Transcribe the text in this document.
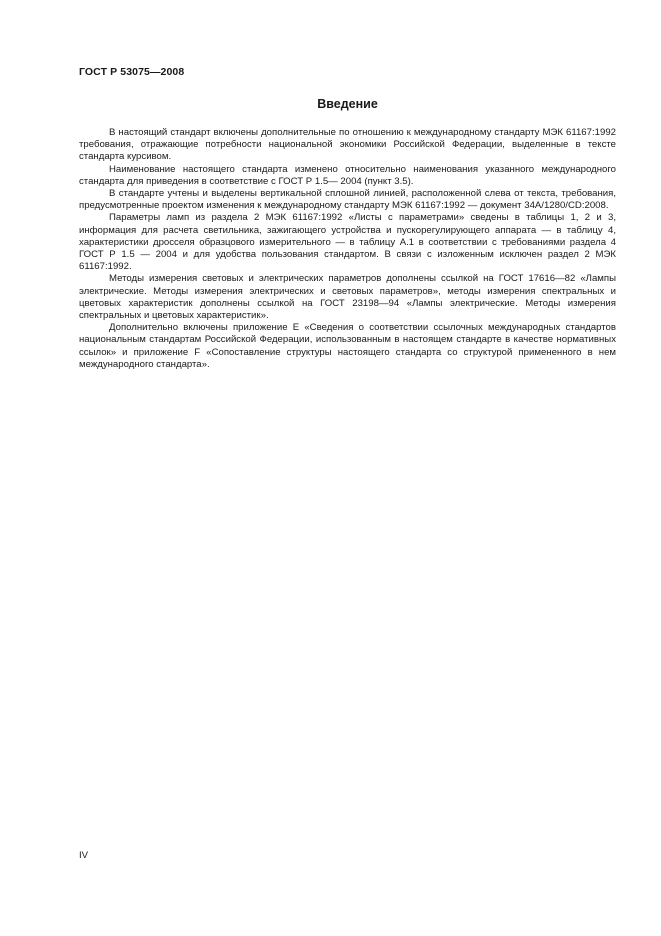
ГОСТ Р 53075—2008
Введение

В настоящий стандарт включены дополнительные по отношению к международному стандарту МЭК 61167:1992 требования, отражающие потребности национальной экономики Российской Федерации, выделенные в тексте стандарта курсивом.

Наименование настоящего стандарта изменено относительно наименования указанного международного стандарта для приведения в соответствие с ГОСТ Р 1.5— 2004 (пункт 3.5).

В стандарте учтены и выделены вертикальной сплошной линией, расположенной слева от текста, требования, предусмотренные проектом изменения к международному стандарту МЭК 61167:1992 — документ 34A/1280/CD:2008.

Параметры ламп из раздела 2 МЭК 61167:1992 «Листы с параметрами» сведены в таблицы 1, 2 и 3, информация для расчета светильника, зажигающего устройства и пускорегулирующего аппарата — в таблицу 4, характеристики дросселя образцового измерительного — в таблицу А.1 в соответствии с требованиями раздела 4 ГОСТ Р 1.5 — 2004 и для удобства пользования стандартом. В связи с изложенным исключен раздел 2 МЭК 61167:1992.

Методы измерения световых и электрических параметров дополнены ссылкой на ГОСТ 17616—82 «Лампы электрические. Методы измерения электрических и световых параметров», методы измерения спектральных и цветовых характеристик дополнены ссылкой на ГОСТ 23198—94 «Лампы электрические. Методы измерения спектральных и цветовых характеристик».

Дополнительно включены приложение Е «Сведения о соответствии ссылочных международных стандартов национальным стандартам Российской Федерации, использованным в настоящем стандарте в качестве нормативных ссылок» и приложение F «Сопоставление структуры настоящего стандарта со структурой примененного в нем международного стандарта».

IV
